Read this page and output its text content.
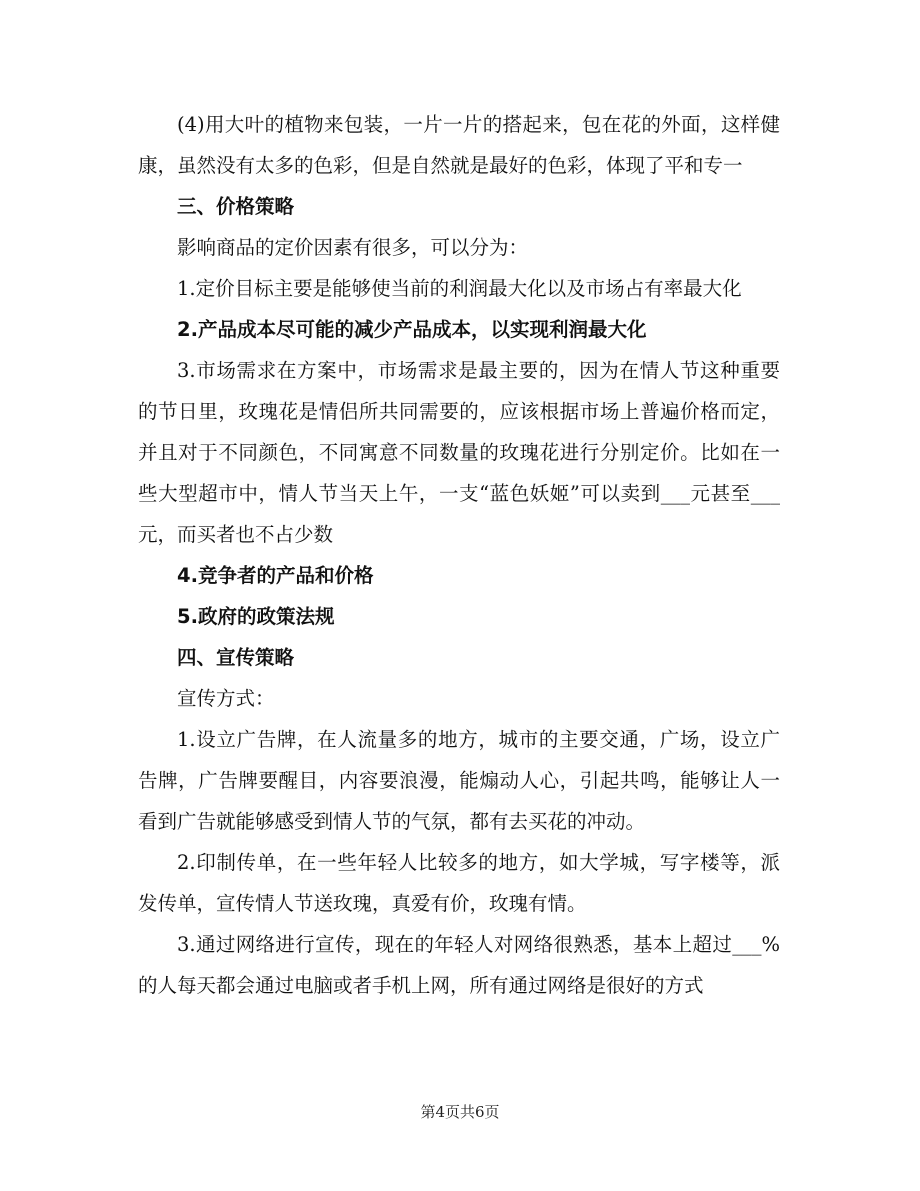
(4)用大叶的植物来包装，一片一片的搭起来，包在花的外面，这样健康，虽然没有太多的色彩，但是自然就是最好的色彩，体现了平和专一

三、价格策略

影响商品的定价因素有很多，可以分为：

1.定价目标主要是能够使当前的利润最大化以及市场占有率最大化

2.产品成本尽可能的减少产品成本，以实现利润最大化

3.市场需求在方案中，市场需求是最主要的，因为在情人节这种重要的节日里，玫瑰花是情侣所共同需要的，应该根据市场上普遍价格而定，并且对于不同颜色，不同寓意不同数量的玫瑰花进行分别定价。比如在一些大型超市中，情人节当天上午，一支“蓝色妖姬”可以卖到___元甚至___元，而买者也不占少数

4.竞争者的产品和价格

5.政府的政策法规

四、宣传策略

宣传方式：

1.设立广告牌，在人流量多的地方，城市的主要交通，广场，设立广告牌，广告牌要醒目，内容要浪漫，能煽动人心，引起共鸣，能够让人一看到广告就能够感受到情人节的气氛，都有去买花的冲动。

2.印制传单，在一些年轻人比较多的地方，如大学城，写字楼等，派发传单，宣传情人节送玫瑰，真爱有价，玫瑰有情。

3.通过网络进行宣传，现在的年轻人对网络很熟悉，基本上超过___%的人每天都会通过电脑或者手机上网，所有通过网络是很好的方式

第4页共6页
